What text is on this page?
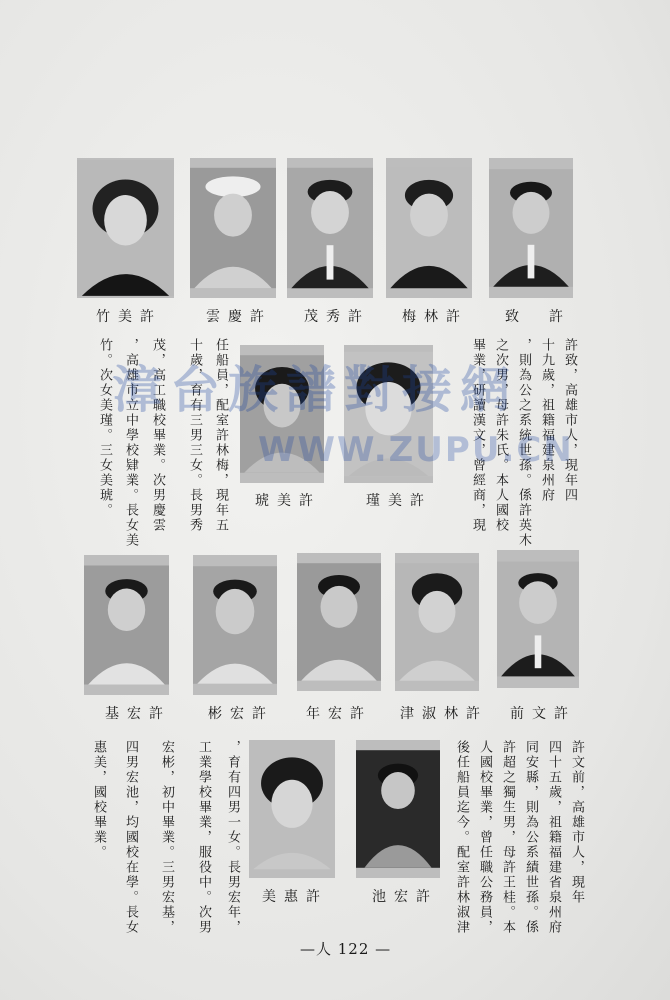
竹美許	雲慶許 茂秀許 梅林許	致　許
許致，高雄市人，現年四
十九歲，祖籍福建泉州府
，則為公之系統世孫。係許英木
之次男，母許朱氏。本人國校
畢業，研讀漢文，曾經商，現
任船員，配室許林梅，現年五
十歲，育有三男三女。長男秀
茂，高工職校畢業。次男慶雲
，高雄市立中學校肄業。長女美
竹。次女美瑾。三女美琥。	琥美許	瑾美許
基宏許	彬宏許 年宏許 津淑林許 前文許
許文前，高雄市人，現年
四十五歲，祖籍福建省泉州府
同安縣，則為公系績世孫。係
許超之獨生男，母許王桂。本
人國校畢業，曾任職公務員，
後任船員迄今。配室許林淑津
，育有四男一女。長男宏年，
工業學校畢業，服役中。次男
宏彬，初中畢業。三男宏基，
四男宏池，均國校在學。長女
惠美，國校畢業。
美惠許	池宏許
漳台族譜對接網
WWW.ZUPU.CN
—人 122 —
